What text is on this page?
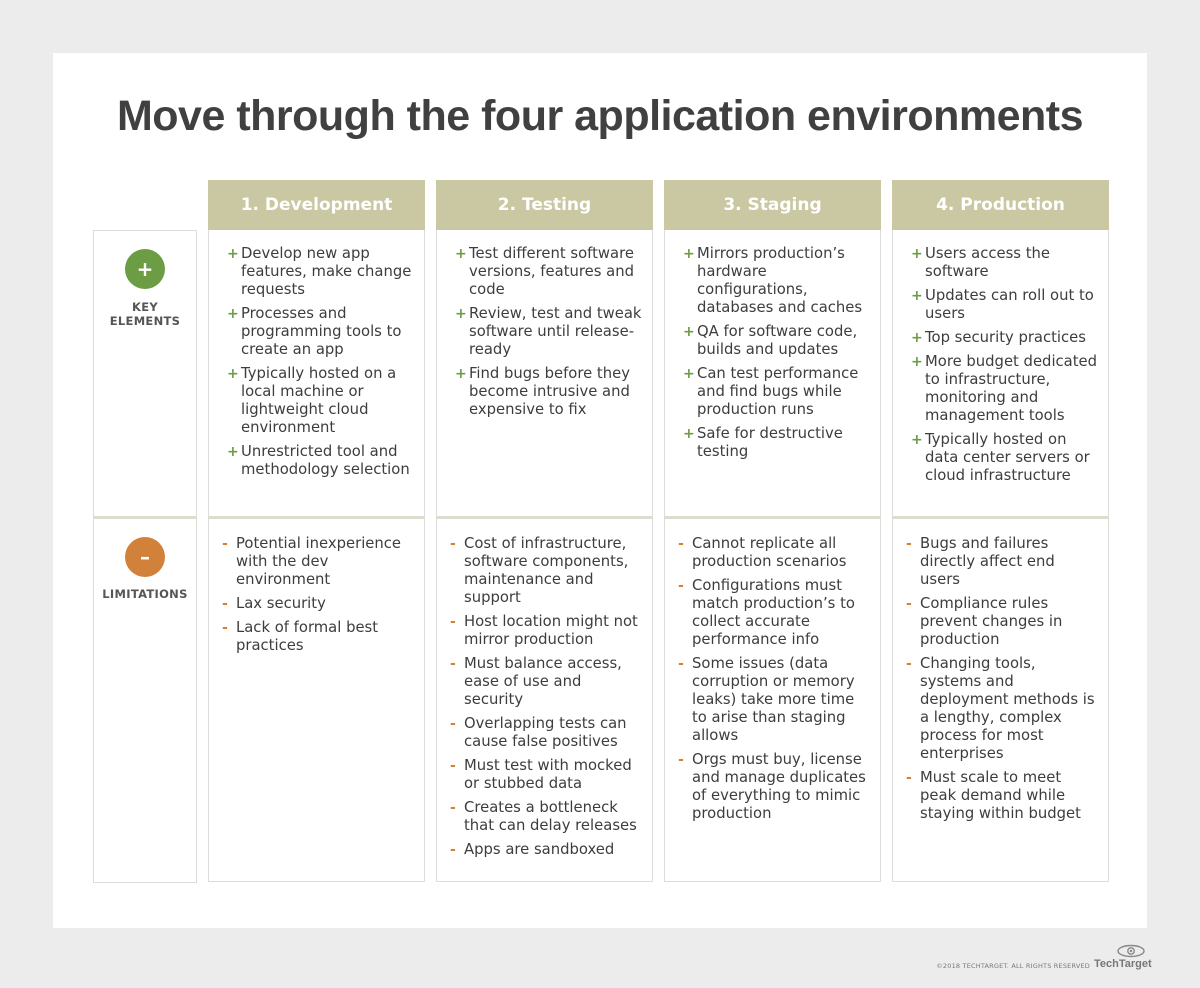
Move through the four application environments
+
KEY
ELEMENTS
–
LIMITATIONS
1. Development
+ Develop new app features, make change requests
+ Processes and programming tools to create an app
+ Typically hosted on a local machine or lightweight cloud environment
+ Unrestricted tool and methodology selection
- Potential inexperience with the dev environment
- Lax security
- Lack of formal best practices
2. Testing
+ Test different software versions, features and code
+ Review, test and tweak software until release-ready
+ Find bugs before they become intrusive and expensive to fix
- Cost of infrastructure, software components, maintenance and support
- Host location might not mirror production
- Must balance access, ease of use and security
- Overlapping tests can cause false positives
- Must test with mocked or stubbed data
- Creates a bottleneck that can delay releases
- Apps are sandboxed
3. Staging
+ Mirrors production’s hardware configurations, databases and caches
+ QA for software code, builds and updates
+ Can test performance and find bugs while production runs
+ Safe for destructive testing
- Cannot replicate all production scenarios
- Configurations must match production’s to collect accurate performance info
- Some issues (data corruption or memory leaks) take more time to arise than staging allows
- Orgs must buy, license and manage duplicates of everything to mimic production
4. Production
+ Users access the software
+ Updates can roll out to users
+ Top security practices
+ More budget dedicated to infrastructure, monitoring and management tools
+ Typically hosted on data center servers or cloud infrastructure
- Bugs and failures directly affect end users
- Compliance rules prevent changes in production
- Changing tools, systems and deployment methods is a lengthy, complex process for most enterprises
- Must scale to meet peak demand while staying within budget
©2018 TECHTARGET. ALL RIGHTS RESERVED TechTarget
